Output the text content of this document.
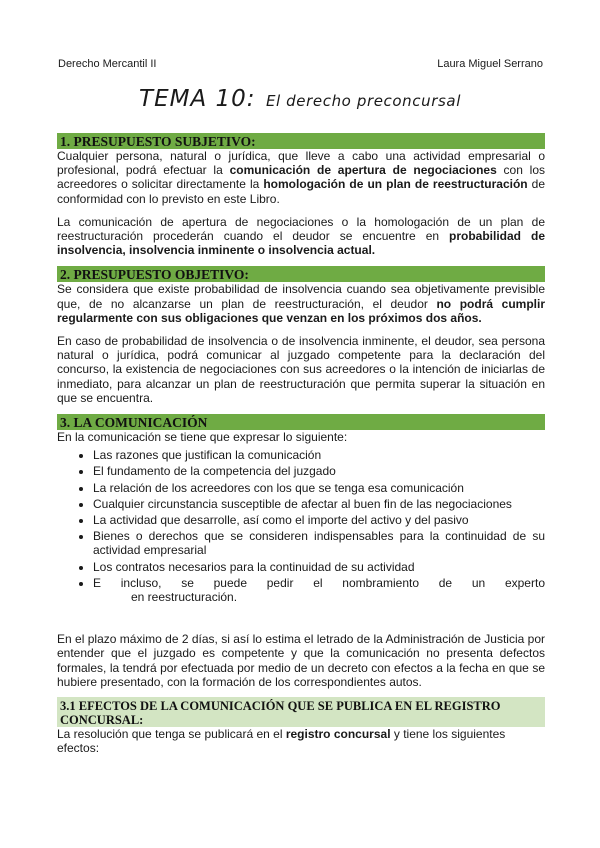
Derecho Mercantil II	Laura Miguel Serrano
TEMA 10: El derecho preconcursal
1. PRESUPUESTO SUBJETIVO:

Cualquier persona, natural o jurídica, que lleve a cabo una actividad empresarial o profesional, podrá efectuar la comunicación de apertura de negociaciones con los acreedores o solicitar directamente la homologación de un plan de reestructuración de conformidad con lo previsto en este Libro.

La comunicación de apertura de negociaciones o la homologación de un plan de reestructuración procederán cuando el deudor se encuentre en probabilidad de insolvencia, insolvencia inminente o insolvencia actual.

2. PRESUPUESTO OBJETIVO:

Se considera que existe probabilidad de insolvencia cuando sea objetivamente previsible que, de no alcanzarse un plan de reestructuración, el deudor no podrá cumplir regularmente con sus obligaciones que venzan en los próximos dos años.

En caso de probabilidad de insolvencia o de insolvencia inminente, el deudor, sea persona natural o jurídica, podrá comunicar al juzgado competente para la declaración del concurso, la existencia de negociaciones con sus acreedores o la intención de iniciarlas de inmediato, para alcanzar un plan de reestructuración que permita superar la situación en que se encuentra.

3. LA COMUNICACIÓN
En la comunicación se tiene que expresar lo siguiente:
• Las razones que justifican la comunicación
• El fundamento de la competencia del juzgado
• La relación de los acreedores con los que se tenga esa comunicación
• Cualquier circunstancia susceptible de afectar al buen fin de las negociaciones
• La actividad que desarrolle, así como el importe del activo y del pasivo
• Bienes o derechos que se consideren indispensables para la continuidad de su actividad empresarial
• Los contratos necesarios para la continuidad de su actividad
• E incluso, se puede pedir el nombramiento de un experto
en reestructuración.

En el plazo máximo de 2 días, si así lo estima el letrado de la Administración de Justicia por entender que el juzgado es competente y que la comunicación no presenta defectos formales, la tendrá por efectuada por medio de un decreto con efectos a la fecha en que se hubiere presentado, con la formación de los correspondientes autos.

3.1 EFECTOS DE LA COMUNICACIÓN QUE SE PUBLICA EN EL REGISTRO CONCURSAL:
La resolución que tenga se publicará en el registro concursal y tiene los siguientes efectos:
